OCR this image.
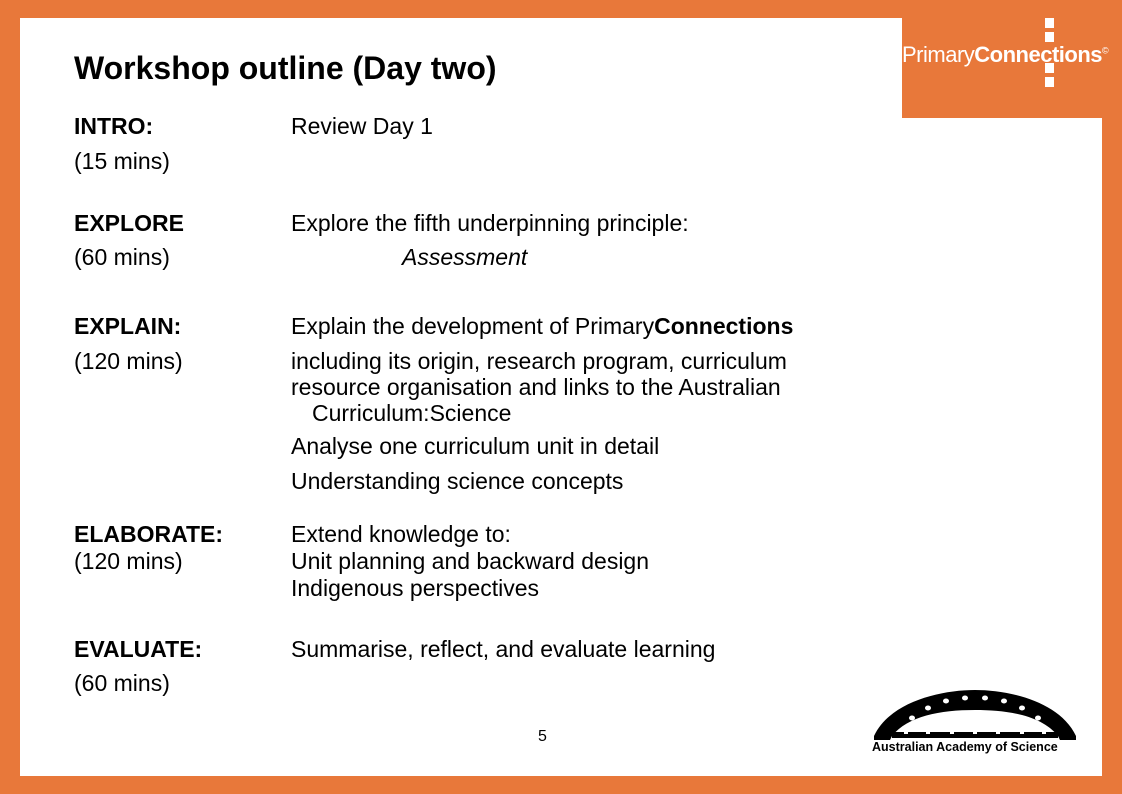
PrimaryConnections©
Workshop outline (Day two)
INTRO:	Review Day 1
(15 mins)
EXPLORE	Explore the fifth underpinning principle:
(60 mins)	Assessment
EXPLAIN:	Explain the development of PrimaryConnections
(120 mins)	including its origin, research program, curriculum
resource organisation and links to the Australian
Curriculum:Science
Analyse one curriculum unit in detail
Understanding science concepts
ELABORATE:	Extend knowledge to:
(120 mins)	Unit planning and backward design
Indigenous perspectives
EVALUATE:	Summarise, reflect, and evaluate learning
(60 mins)
5
Australian Academy of Science
